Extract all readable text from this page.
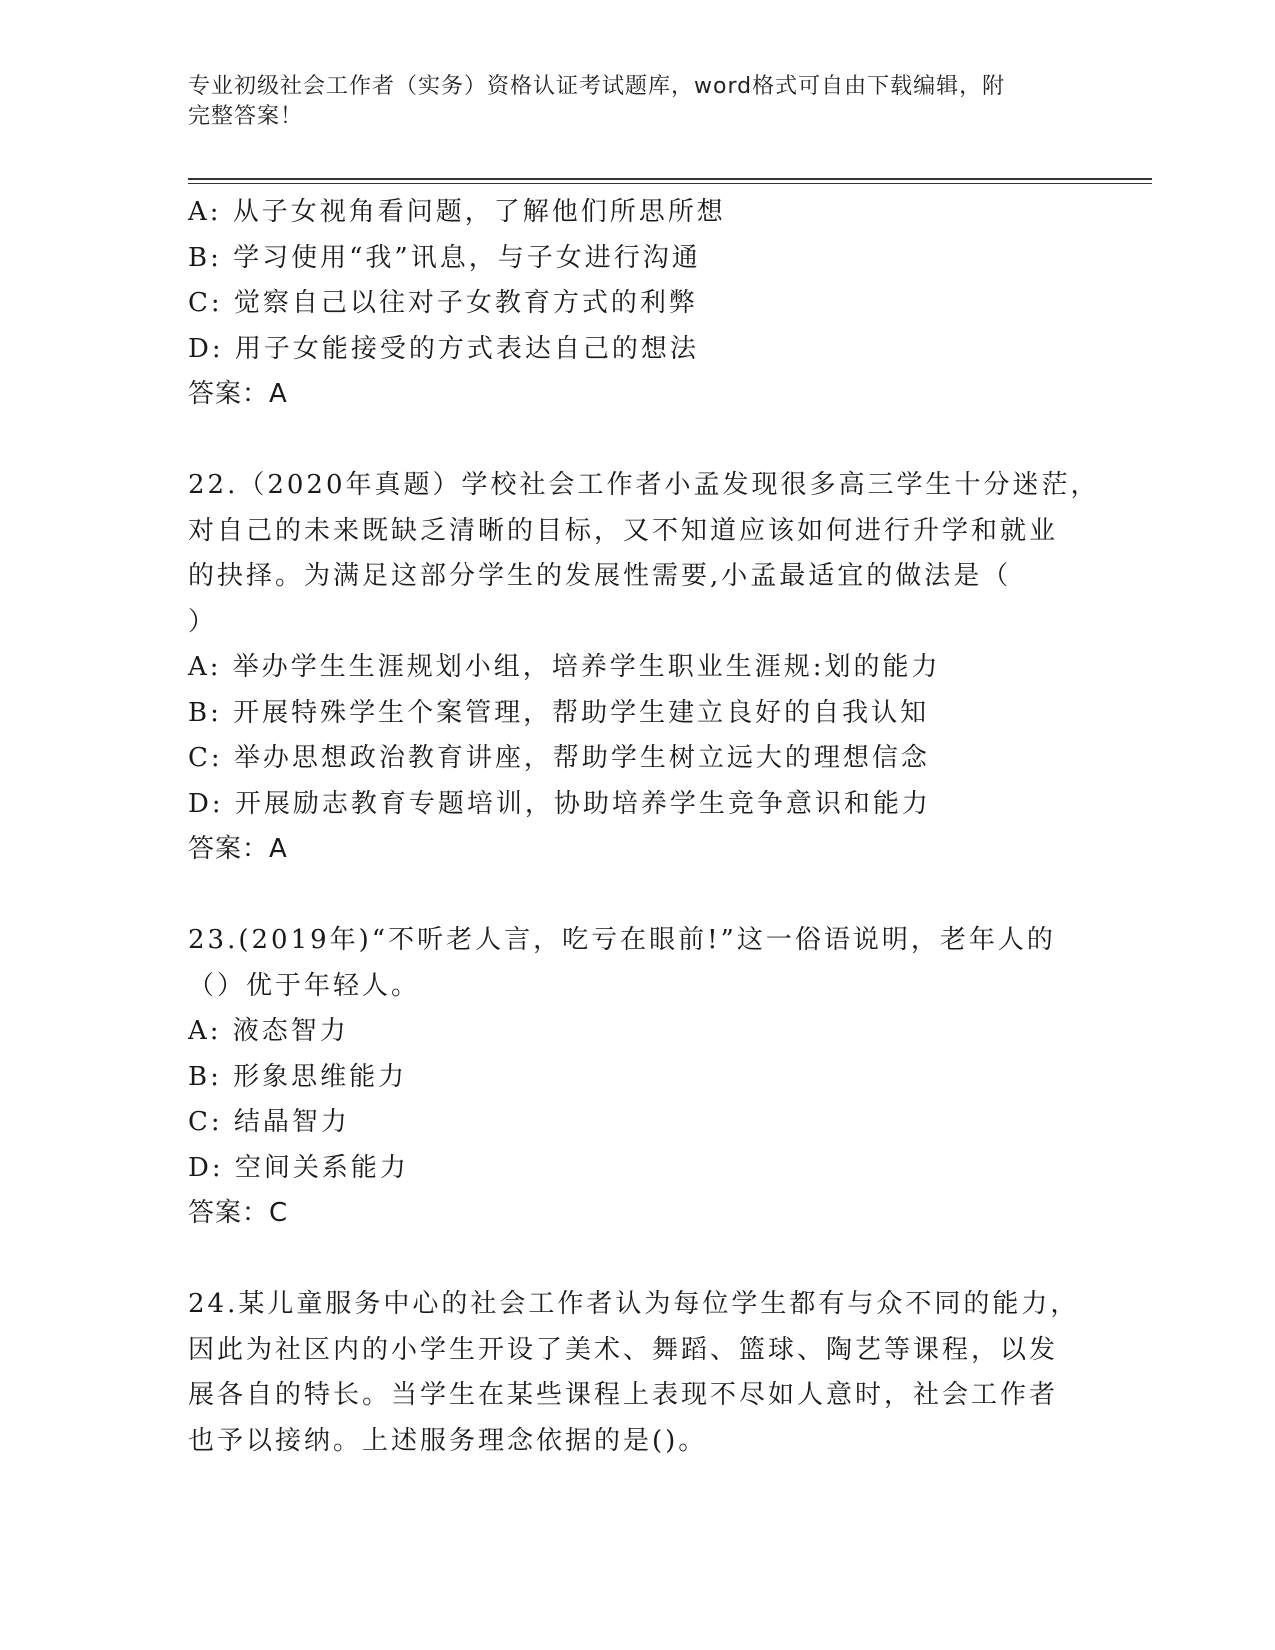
专业初级社会工作者（实务）资格认证考试题库，word格式可自由下载编辑，附
完整答案！
A: 从子女视角看问题，了解他们所思所想
B: 学习使用“我”讯息，与子女进行沟通
C: 觉察自己以往对子女教育方式的利弊
D: 用子女能接受的方式表达自己的想法
答案：A
22.（2020年真题）学校社会工作者小孟发现很多高三学生十分迷茫，
对自己的未来既缺乏清晰的目标，又不知道应该如何进行升学和就业
的抉择。为满足这部分学生的发展性需要,小孟最适宜的做法是（
）
A: 举办学生生涯规划小组，培养学生职业生涯规:划的能力
B: 开展特殊学生个案管理，帮助学生建立良好的自我认知
C: 举办思想政治教育讲座，帮助学生树立远大的理想信念
D: 开展励志教育专题培训，协助培养学生竞争意识和能力
答案：A
23.(2019年)“不听老人言，吃亏在眼前!”这一俗语说明，老年人的
（）优于年轻人。
A: 液态智力
B: 形象思维能力
C: 结晶智力
D: 空间关系能力
答案：C
24.某儿童服务中心的社会工作者认为每位学生都有与众不同的能力，
因此为社区内的小学生开设了美术、舞蹈、篮球、陶艺等课程，以发
展各自的特长。当学生在某些课程上表现不尽如人意时，社会工作者
也予以接纳。上述服务理念依据的是()。
